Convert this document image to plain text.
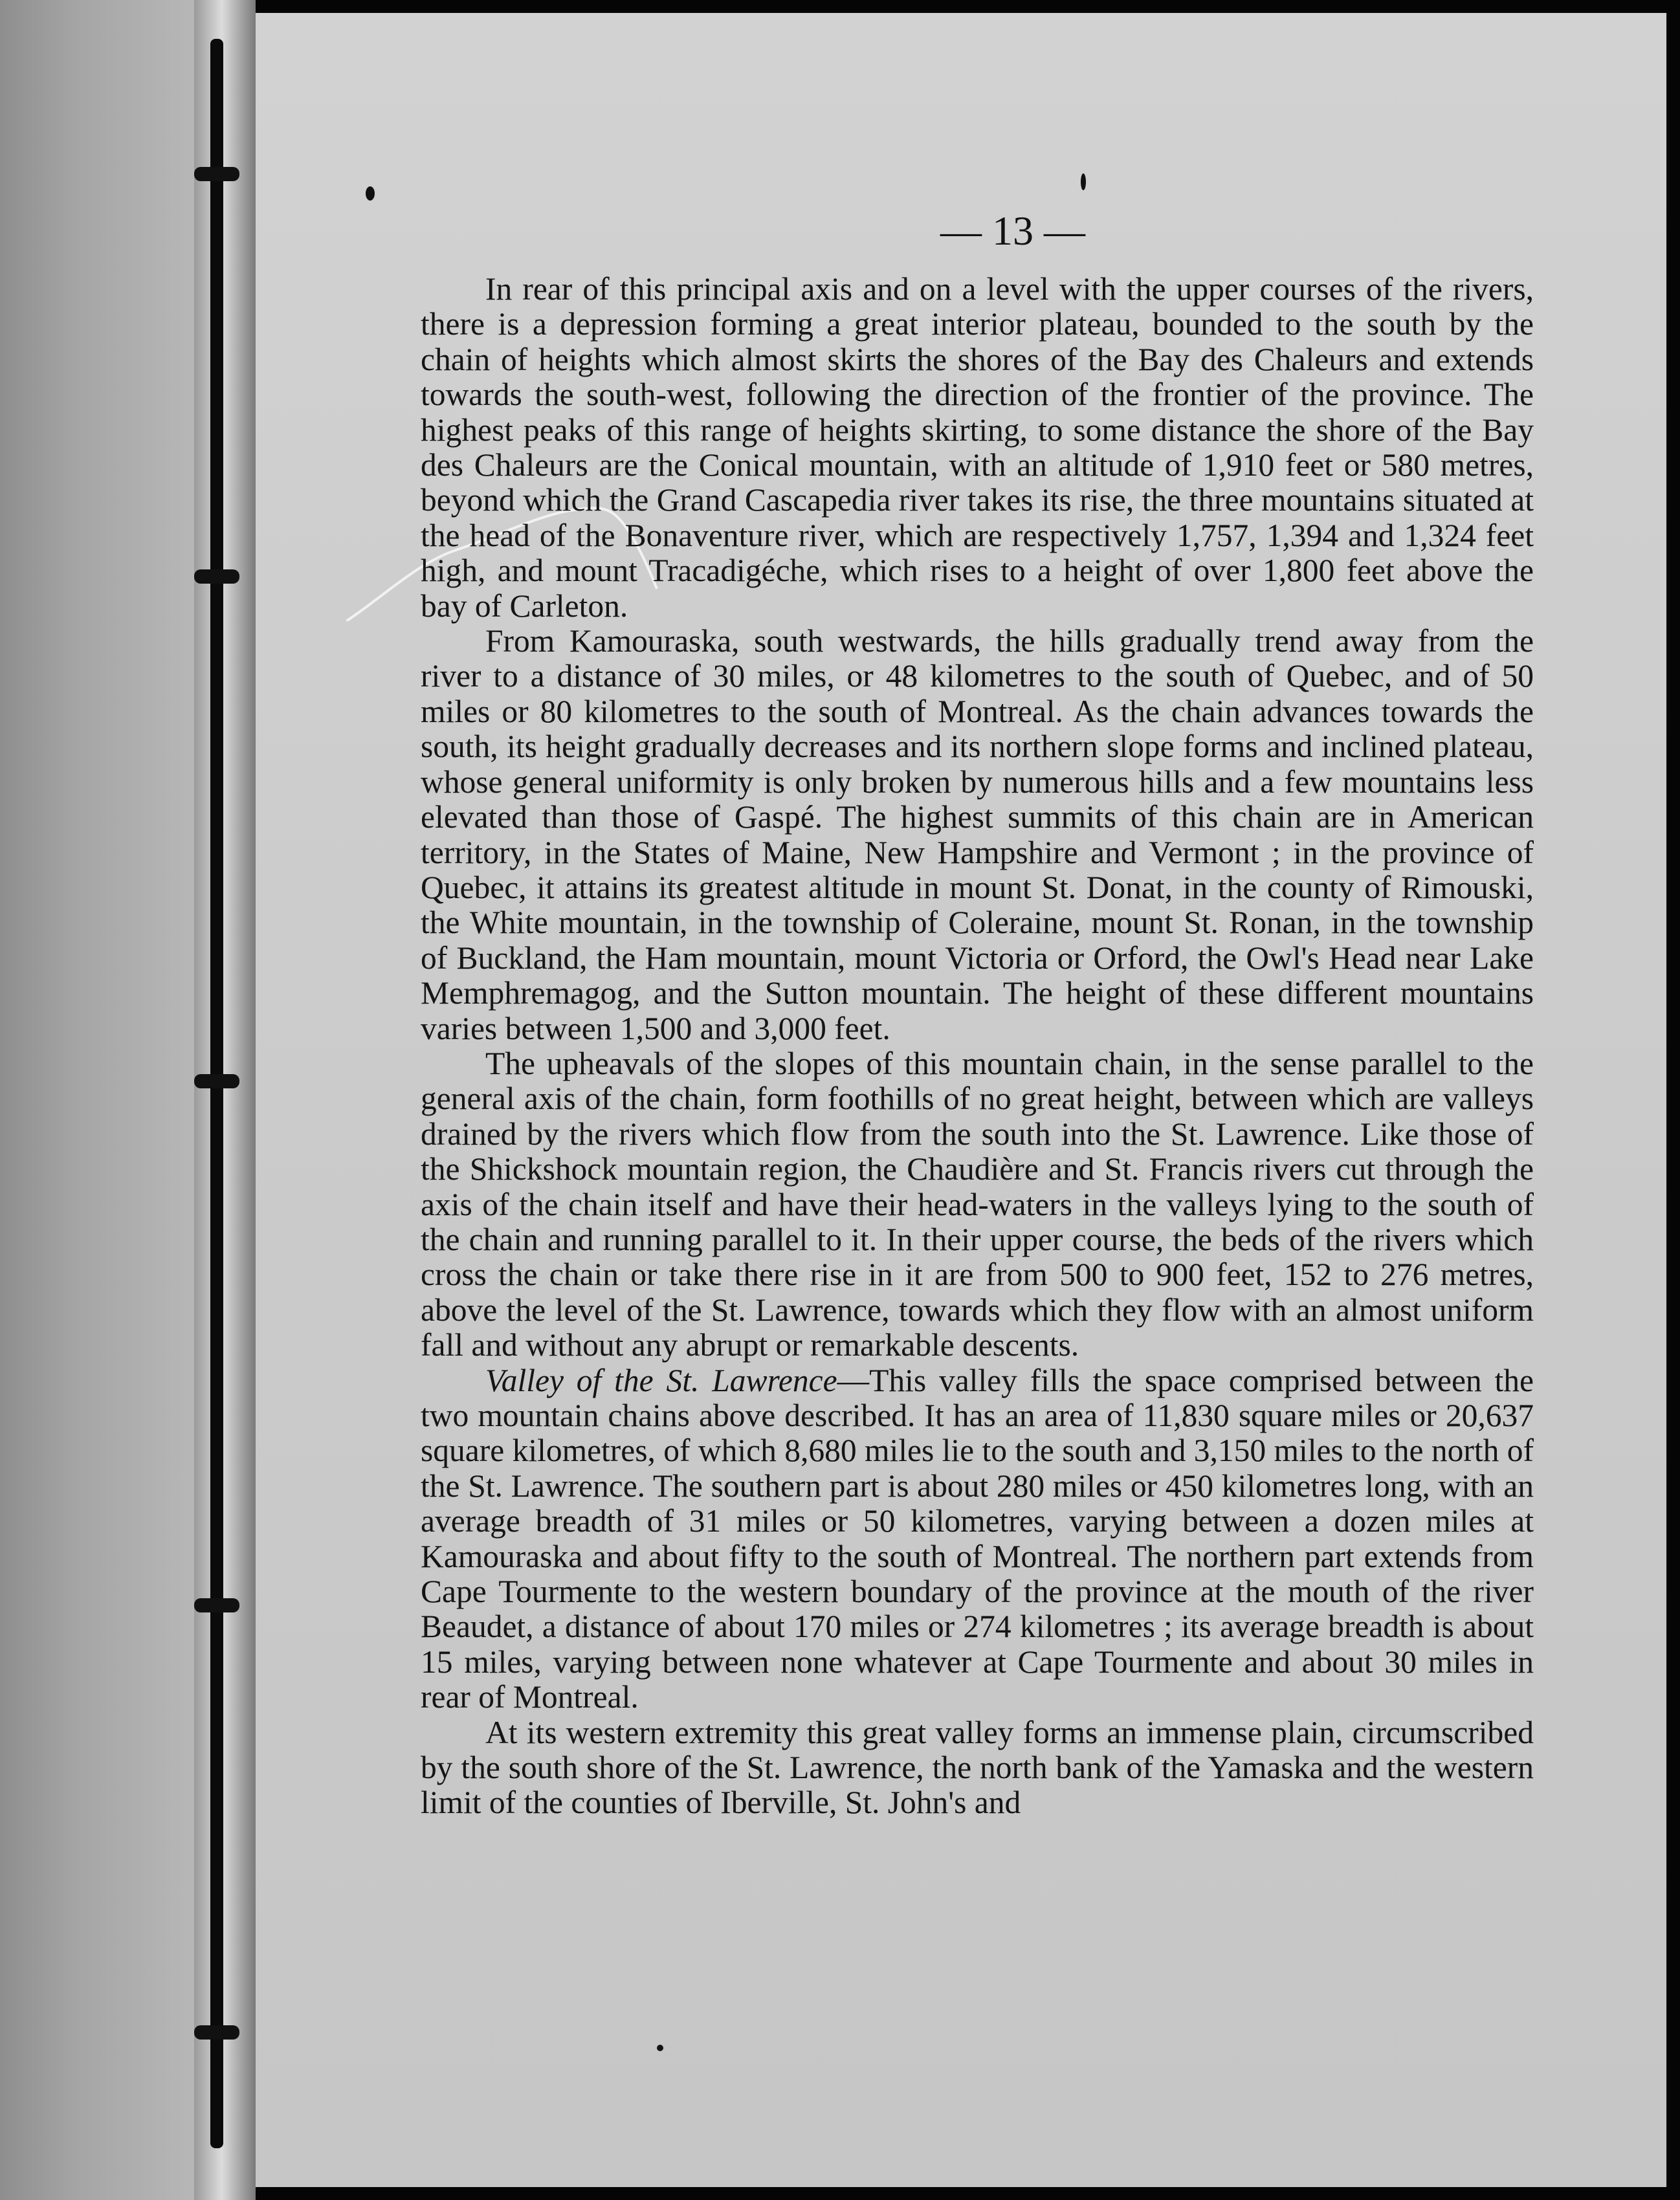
— 13 —

In rear of this principal axis and on a level with the upper courses of the rivers, there is a depression forming a great interior plateau, bounded to the south by the chain of heights which almost skirts the shores of the Bay des Chaleurs and extends towards the south-west, following the direction of the frontier of the province. The highest peaks of this range of heights skirting, to some distance the shore of the Bay des Chaleurs are the Conical mountain, with an altitude of 1,910 feet or 580 metres, beyond which the Grand Cascapedia river takes its rise, the three mountains situated at the head of the Bonaventure river, which are respectively 1,757, 1,394 and 1,324 feet high, and mount Tracadigéche, which rises to a height of over 1,800 feet above the bay of Carleton.

From Kamouraska, south westwards, the hills gradually trend away from the river to a distance of 30 miles, or 48 kilometres to the south of Quebec, and of 50 miles or 80 kilometres to the south of Montreal. As the chain advances towards the south, its height gradually decreases and its northern slope forms and inclined plateau, whose general uniformity is only broken by numerous hills and a few mountains less elevated than those of Gaspé. The highest summits of this chain are in American territory, in the States of Maine, New Hampshire and Vermont ; in the province of Quebec, it attains its greatest altitude in mount St. Donat, in the county of Rimouski, the White mountain, in the township of Coleraine, mount St. Ronan, in the township of Buckland, the Ham mountain, mount Victoria or Orford, the Owl's Head near Lake Memphremagog, and the Sutton mountain. The height of these different mountains varies between 1,500 and 3,000 feet.

The upheavals of the slopes of this mountain chain, in the sense parallel to the general axis of the chain, form foothills of no great height, between which are valleys drained by the rivers which flow from the south into the St. Lawrence. Like those of the Shickshock mountain region, the Chaudière and St. Francis rivers cut through the axis of the chain itself and have their head-waters in the valleys lying to the south of the chain and running parallel to it. In their upper course, the beds of the rivers which cross the chain or take there rise in it are from 500 to 900 feet, 152 to 276 metres, above the level of the St. Lawrence, towards which they flow with an almost uniform fall and without any abrupt or remarkable descents.

Valley of the St. Lawrence—This valley fills the space comprised between the two mountain chains above described. It has an area of 11,830 square miles or 20,637 square kilometres, of which 8,680 miles lie to the south and 3,150 miles to the north of the St. Lawrence. The southern part is about 280 miles or 450 kilometres long, with an average breadth of 31 miles or 50 kilometres, varying between a dozen miles at Kamouraska and about fifty to the south of Montreal. The northern part extends from Cape Tourmente to the western boundary of the province at the mouth of the river Beaudet, a distance of about 170 miles or 274 kilometres ; its average breadth is about 15 miles, varying between none whatever at Cape Tourmente and about 30 miles in rear of Montreal.

At its western extremity this great valley forms an immense plain, circumscribed by the south shore of the St. Lawrence, the north bank of the Yamaska and the western limit of the counties of Iberville, St. John's and
